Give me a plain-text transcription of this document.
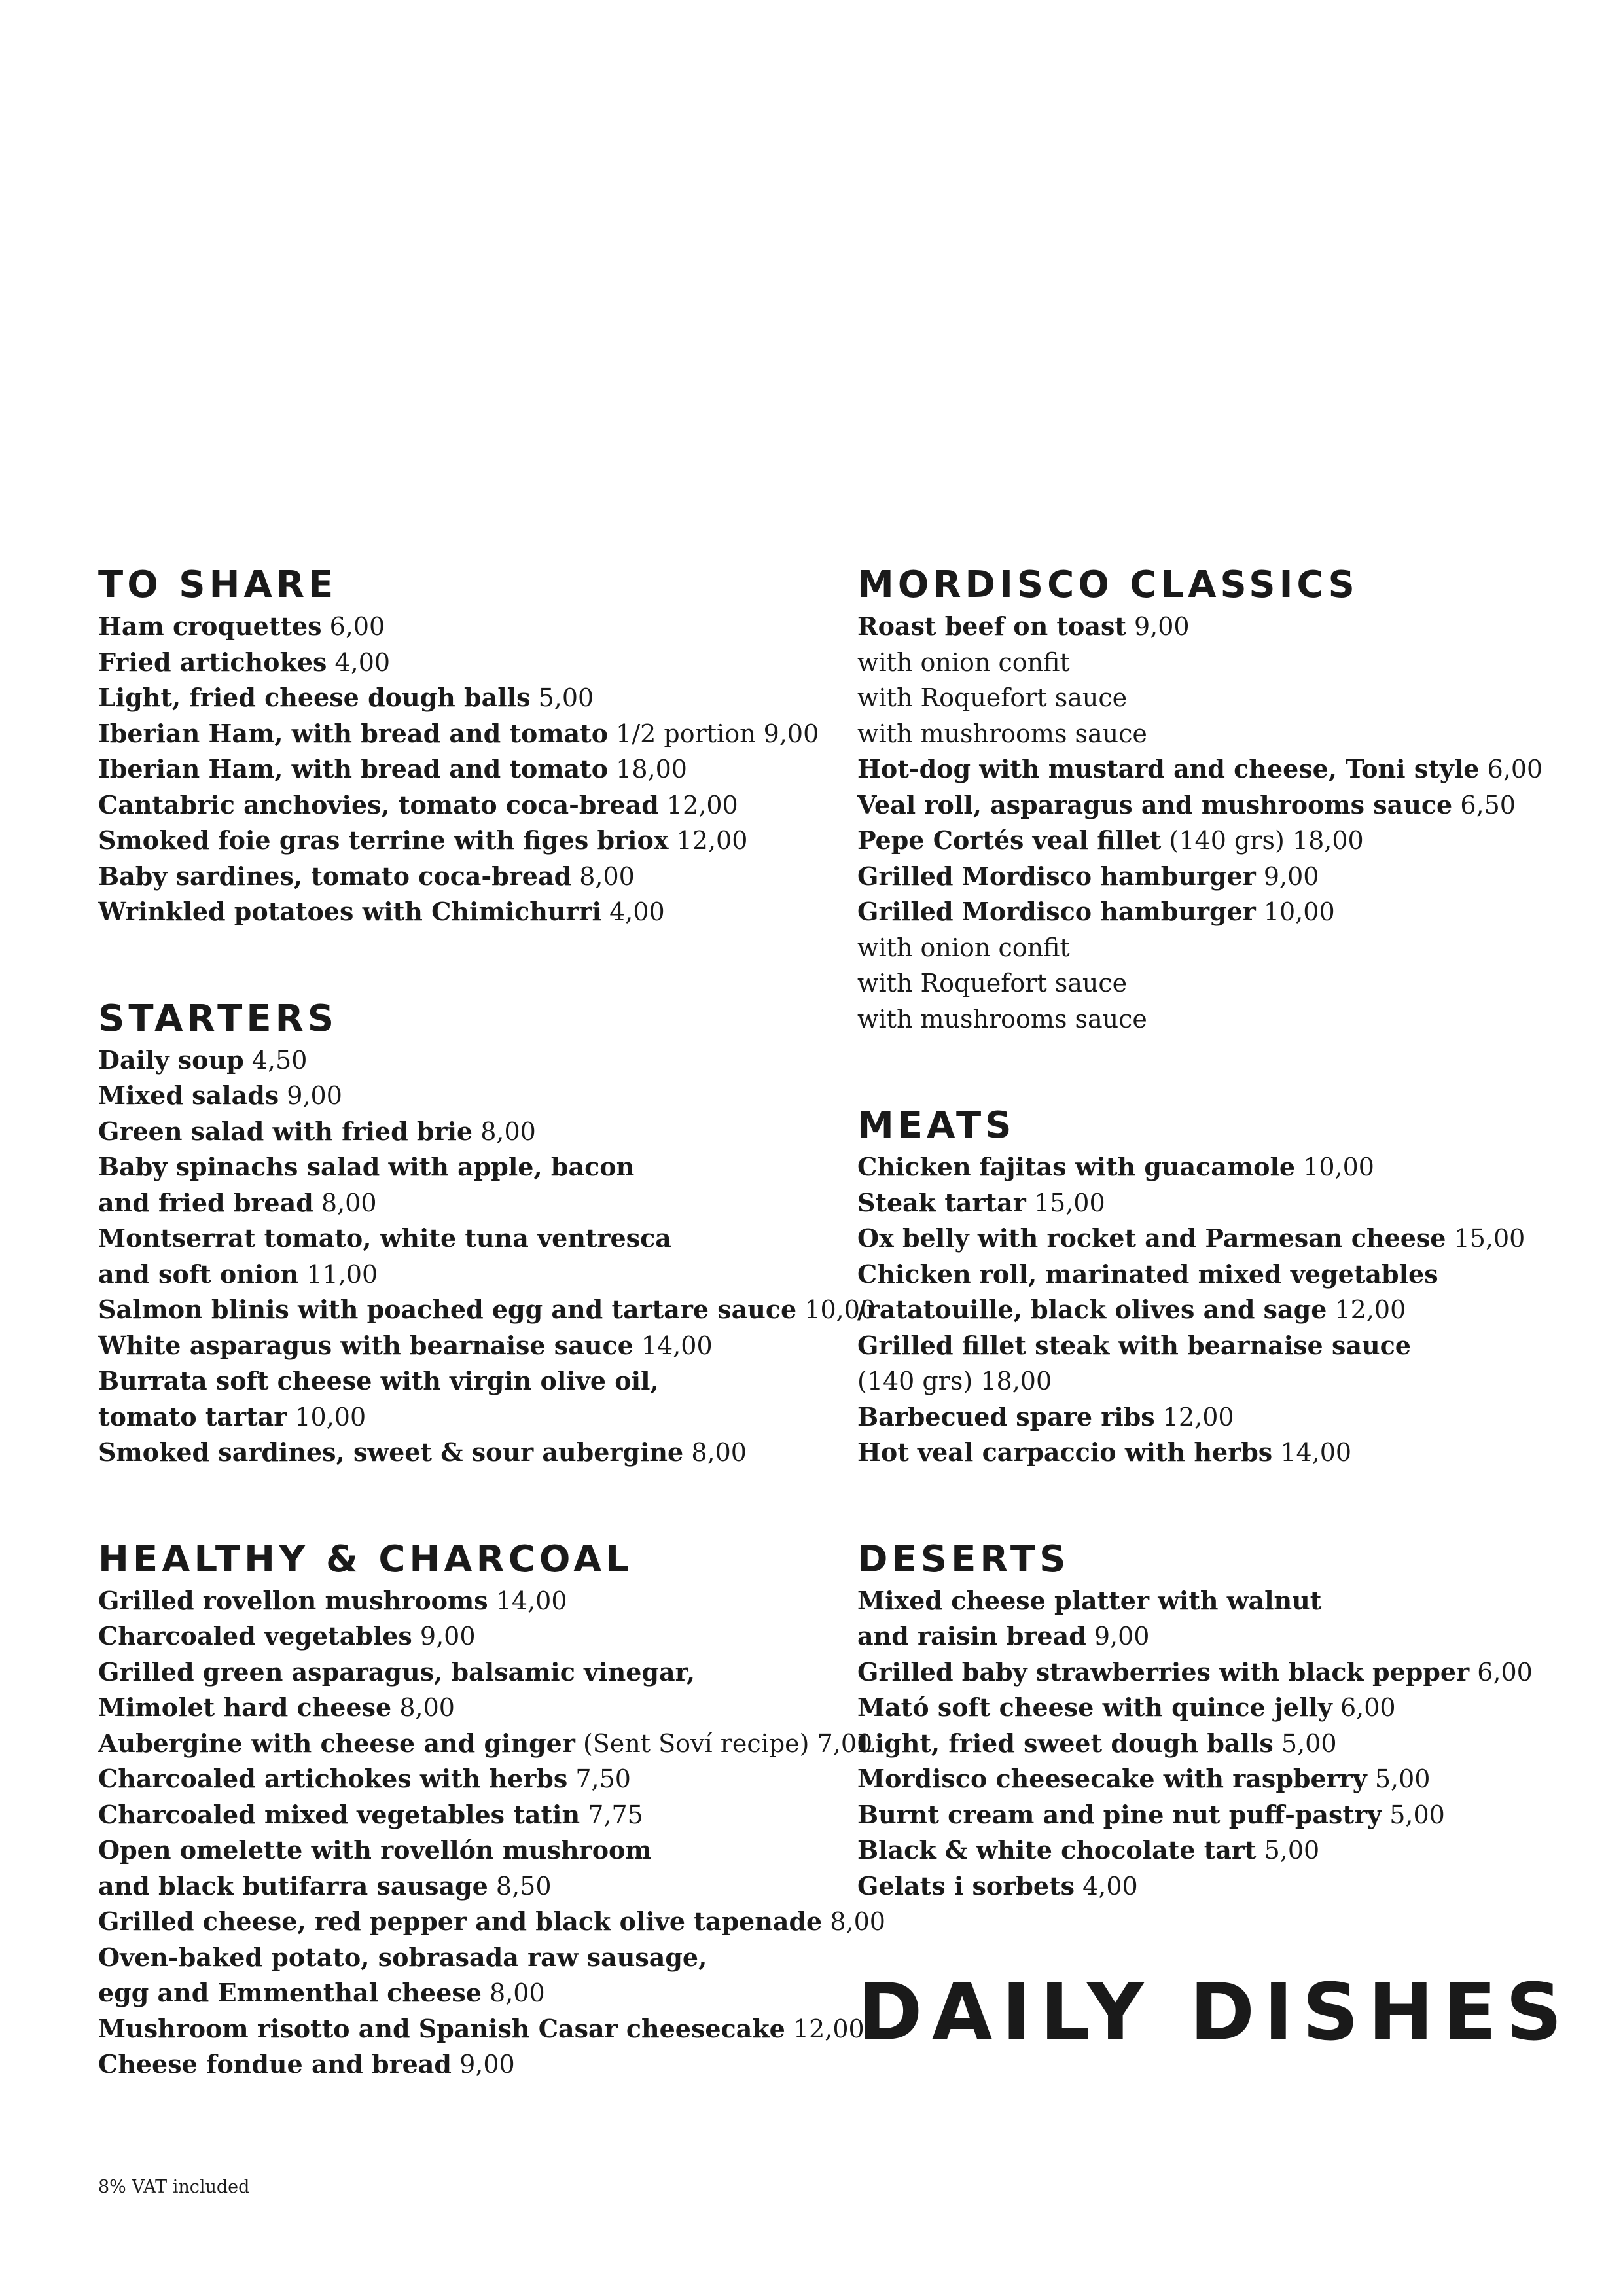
TO SHARE
Ham croquettes 6,00
Fried artichokes 4,00
Light, fried cheese dough balls 5,00
Iberian Ham, with bread and tomato 1/2 portion 9,00
Iberian Ham, with bread and tomato 18,00
Cantabric anchovies, tomato coca-bread 12,00
Smoked foie gras terrine with figes briox 12,00
Baby sardines, tomato coca-bread 8,00
Wrinkled potatoes with Chimichurri 4,00
STARTERS
Daily soup 4,50
Mixed salads 9,00
Green salad with fried brie 8,00
Baby spinachs salad with apple, bacon
and fried bread 8,00
Montserrat tomato, white tuna ventresca
and soft onion 11,00
Salmon blinis with poached egg and tartare sauce 10,00
White asparagus with bearnaise sauce 14,00
Burrata soft cheese with virgin olive oil,
tomato tartar 10,00
Smoked sardines, sweet & sour aubergine 8,00
HEALTHY & CHARCOAL
Grilled rovellon mushrooms 14,00
Charcoaled vegetables 9,00
Grilled green asparagus, balsamic vinegar,
Mimolet hard cheese 8,00
Aubergine with cheese and ginger (Sent Soví recipe) 7,00
Charcoaled artichokes with herbs 7,50
Charcoaled mixed vegetables tatin 7,75
Open omelette with rovellón mushroom
and black butifarra sausage 8,50
Grilled cheese, red pepper and black olive tapenade 8,00
Oven-baked potato, sobrasada raw sausage,
egg and Emmenthal cheese 8,00
Mushroom risotto and Spanish Casar cheesecake 12,00
Cheese fondue and bread 9,00
MORDISCO CLASSICS
Roast beef on toast 9,00
with onion confit
with Roquefort sauce
with mushrooms sauce
Hot-dog with mustard and cheese, Toni style 6,00
Veal roll, asparagus and mushrooms sauce 6,50
Pepe Cortés veal fillet (140 grs) 18,00
Grilled Mordisco hamburger 9,00
Grilled Mordisco hamburger 10,00
with onion confit
with Roquefort sauce
with mushrooms sauce
MEATS
Chicken fajitas with guacamole 10,00
Steak tartar 15,00
Ox belly with rocket and Parmesan cheese 15,00
Chicken roll, marinated mixed vegetables
/ratatouille, black olives and sage 12,00
Grilled fillet steak with bearnaise sauce
(140 grs) 18,00
Barbecued spare ribs 12,00
Hot veal carpaccio with herbs 14,00
DESERTS
Mixed cheese platter with walnut
and raisin bread 9,00
Grilled baby strawberries with black pepper 6,00
Mató soft cheese with quince jelly 6,00
Light, fried sweet dough balls 5,00
Mordisco cheesecake with raspberry 5,00
Burnt cream and pine nut puff-pastry 5,00
Black & white chocolate tart 5,00
Gelats i sorbets 4,00
DAILY DISHES
8% VAT included
